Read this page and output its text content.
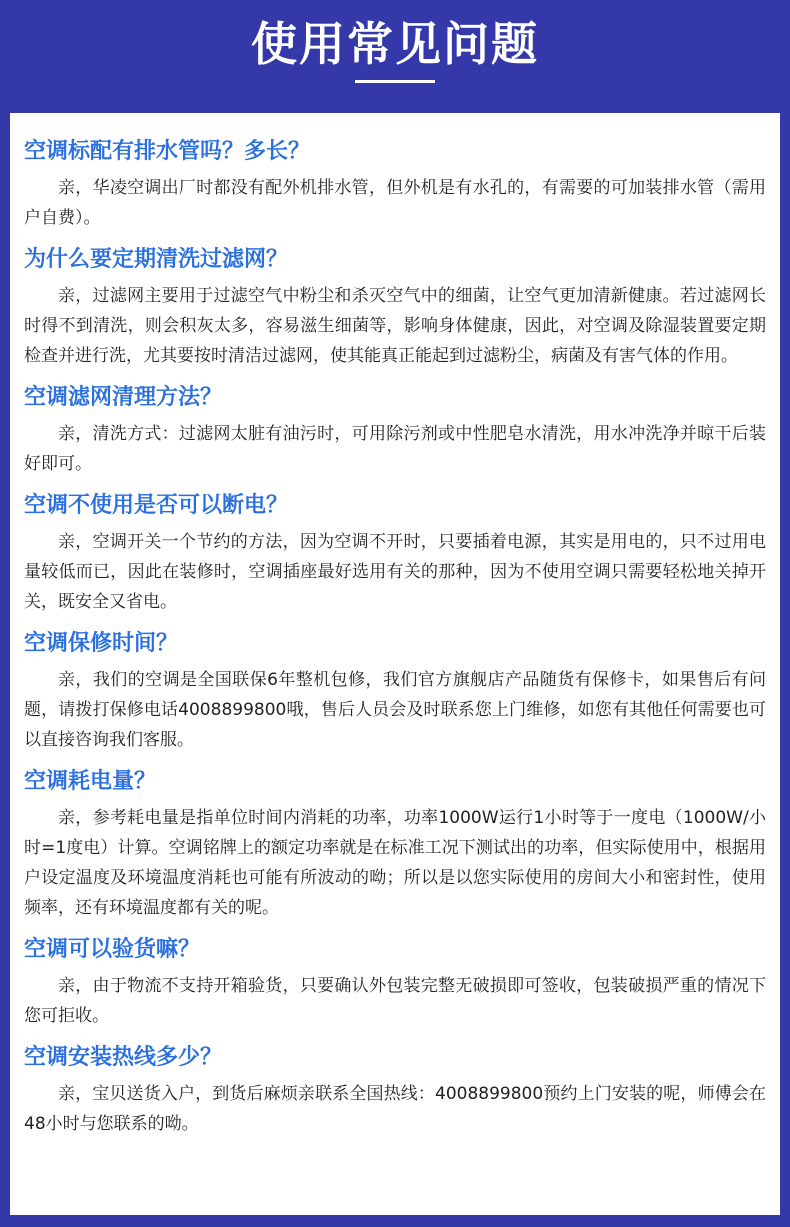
使用常见问题

空调标配有排水管吗？多长？

亲，华凌空调出厂时都没有配外机排水管，但外机是有水孔的，有需要的可加装排水管（需用户自费）。

为什么要定期清洗过滤网？

亲，过滤网主要用于过滤空气中粉尘和杀灭空气中的细菌，让空气更加清新健康。若过滤网长时得不到清洗，则会积灰太多，容易滋生细菌等，影响身体健康，因此，对空调及除湿装置要定期检查并进行洗，尤其要按时清洁过滤网，使其能真正能起到过滤粉尘，病菌及有害气体的作用。

空调滤网清理方法？

亲，清洗方式：过滤网太脏有油污时，可用除污剂或中性肥皂水清洗，用水冲洗净并晾干后装好即可。

空调不使用是否可以断电？

亲，空调开关一个节约的方法，因为空调不开时，只要插着电源，其实是用电的，只不过用电量较低而已，因此在装修时，空调插座最好选用有关的那种，因为不使用空调只需要轻松地关掉开关，既安全又省电。

空调保修时间？

亲，我们的空调是全国联保6年整机包修，我们官方旗舰店产品随货有保修卡，如果售后有问题，请拨打保修电话4008899800哦，售后人员会及时联系您上门维修，如您有其他任何需要也可以直接咨询我们客服。

空调耗电量？

亲，参考耗电量是指单位时间内消耗的功率，功率1000W运行1小时等于一度电（1000W/小时=1度电）计算。空调铭牌上的额定功率就是在标准工况下测试出的功率，但实际使用中，根据用户设定温度及环境温度消耗也可能有所波动的呦；所以是以您实际使用的房间大小和密封性，使用频率，还有环境温度都有关的呢。

空调可以验货嘛？

亲，由于物流不支持开箱验货，只要确认外包装完整无破损即可签收，包装破损严重的情况下您可拒收。

空调安装热线多少？

亲，宝贝送货入户，到货后麻烦亲联系全国热线：4008899800预约上门安装的呢，师傅会在48小时与您联系的呦。
